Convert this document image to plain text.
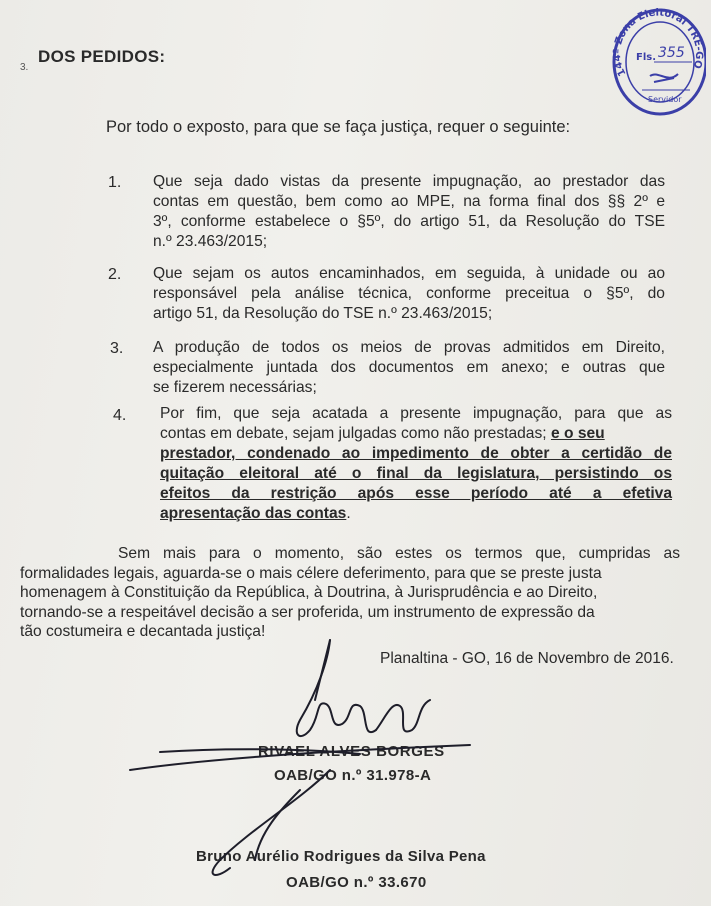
3.
DOS PEDIDOS:
144ª Zona Eleitoral TRE-GO
Fls. 355
Servidor
Por todo o exposto, para que se faça justiça, requer o seguinte:
1. Que seja dado vistas da presente impugnação, ao prestador das
contas em questão, bem como ao MPE, na forma final dos §§ 2º e
3º, conforme estabelece o §5º, do artigo 51, da Resolução do TSE
n.º 23.463/2015;
2. Que sejam os autos encaminhados, em seguida, à unidade ou ao
responsável pela análise técnica, conforme preceitua o §5º, do
artigo 51, da Resolução do TSE n.º 23.463/2015;
3. A produção de todos os meios de provas admitidos em Direito,
especialmente juntada dos documentos em anexo; e outras que
se fizerem necessárias;
4. Por fim, que seja acatada a presente impugnação, para que as
contas em debate, sejam julgadas como não prestadas; e o seu
prestador, condenado ao impedimento de obter a certidão de
quitação eleitoral até o final da legislatura, persistindo os
efeitos da restrição após esse período até a efetiva
apresentação das contas.
Sem mais para o momento, são estes os termos que, cumpridas as
formalidades legais, aguarda-se o mais célere deferimento, para que se preste justa
homenagem à Constituição da República, à Doutrina, à Jurisprudência e ao Direito,
tornando-se a respeitável decisão a ser proferida, um instrumento de expressão da
tão costumeira e decantada justiça!
Planaltina - GO, 16 de Novembro de 2016.
RIVAEL ALVES BORGES
OAB/GO n.º 31.978-A
Bruno Aurélio Rodrigues da Silva Pena
OAB/GO n.º 33.670
